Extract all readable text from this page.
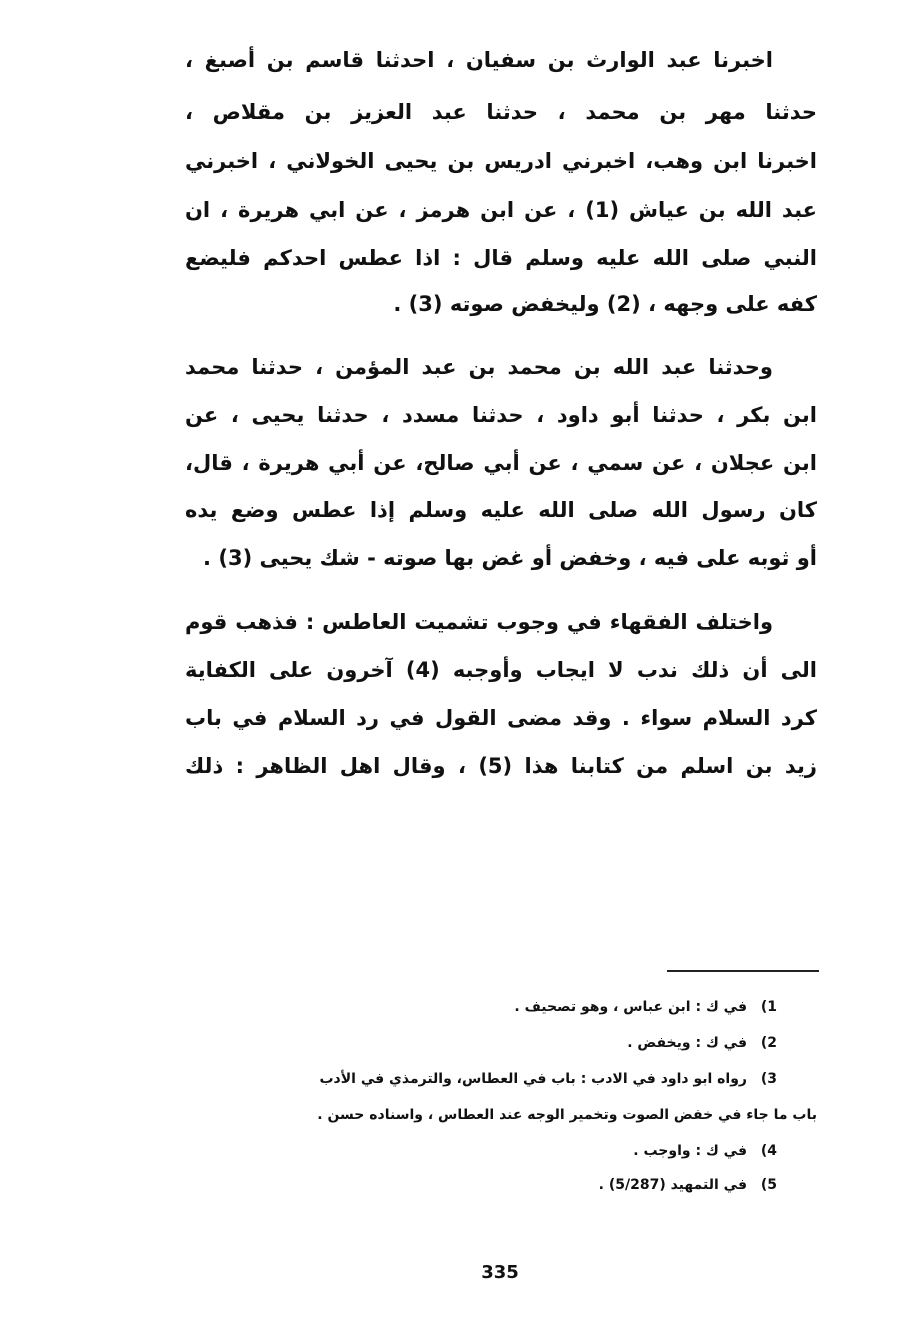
اخبرنا عبد الوارث بن سفيان ، احدثنا قاسم بن أصبغ ،
حدثنا مهر بن محمد ، حدثنا عبد العزيز بن مقلاص ،
اخبرنا ابن وهب، اخبرني ادريس بن يحيى الخولاني ، اخبرني
عبد الله بن عياش (1) ، عن ابن هرمز ، عن ابي هريرة ، ان
النبي صلى الله عليه وسلم قال : اذا عطس احدكم فليضع
كفه على وجهه ، (2) وليخفض صوته (3) .
وحدثنا عبد الله بن محمد بن عبد المؤمن ، حدثنا محمد
ابن بكر ، حدثنا أبو داود ، حدثنا مسدد ، حدثنا يحيى ، عن
ابن عجلان ، عن سمي ، عن أبي صالح، عن أبي هريرة ، قال،
كان رسول الله صلى الله عليه وسلم إذا عطس وضع يده
أو ثوبه على فيه ، وخفض أو غض بها صوته - شك يحيى (3) .
واختلف الفقهاء في وجوب تشميت العاطس : فذهب قوم
الى أن ذلك ندب لا ايجاب وأوجبه (4) آخرون على الكفاية
كرد السلام سواء . وقد مضى القول في رد السلام في باب
زيد بن اسلم من كتابنا هذا (5) ، وقال اهل الظاهر : ذلك
1)
في ك : ابن عباس ، وهو تصحيف .
2)
في ك : ويخفض .
3)
رواه ابو داود في الادب : باب في العطاس، والترمذي في الأدب
باب ما جاء في خفض الصوت وتخمير الوجه عند العطاس ، واسناده حسن .
4)
في ك : واوجب .
5)
في التمهيد (5/287) .
335
